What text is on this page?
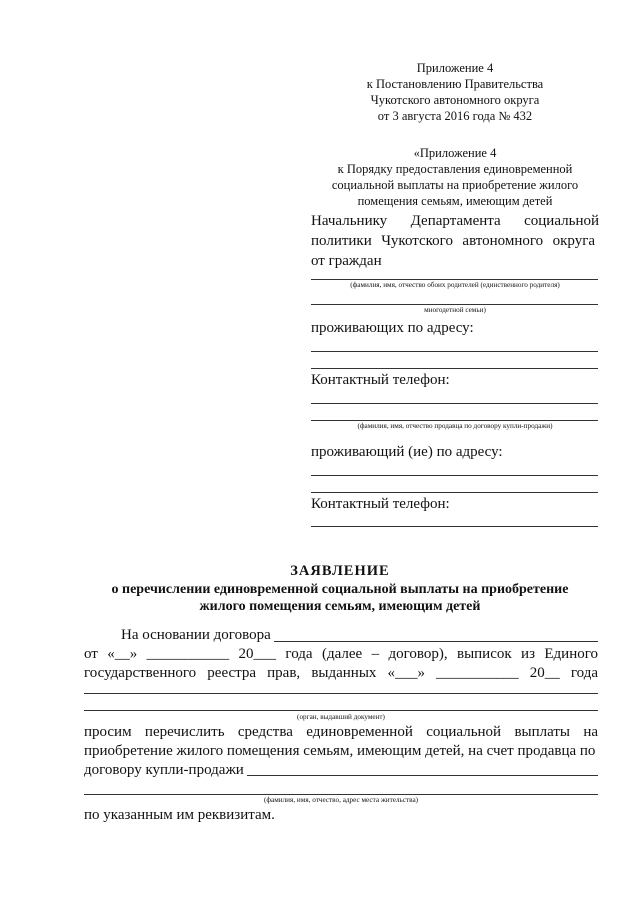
Приложение 4
к Постановлению Правительства
Чукотского автономного округа
от 3 августа 2016 года № 432
«Приложение 4
к Порядку предоставления единовременной
социальной выплаты на приобретение жилого
помещения семьям, имеющим детей
Начальнику Департамента социальной
политики Чукотского автономного округа
от граждан
(фамилия, имя, отчество обоих родителей (единственного родителя)
многодетной семьи)
проживающих по адресу:
Контактный телефон:
(фамилия, имя, отчество продавца по договору купли-продажи)
проживающий (ие) по адресу:
Контактный телефон:
ЗАЯВЛЕНИЕ
о перечислении единовременной социальной выплаты на приобретение
жилого помещения семьям, имеющим детей
На основании договора
от «__» ___________ 20___ года (далее – договор), выписок из Единого
государственного реестра прав, выданных «___» ___________ 20__ года
(орган, выдавший документ)
просим перечислить средства единовременной социальной выплаты на
приобретение жилого помещения семьям, имеющим детей, на счет продавца по
договору купли-продажи
(фамилия, имя, отчество, адрес места жительства)
по указанным им реквизитам.
